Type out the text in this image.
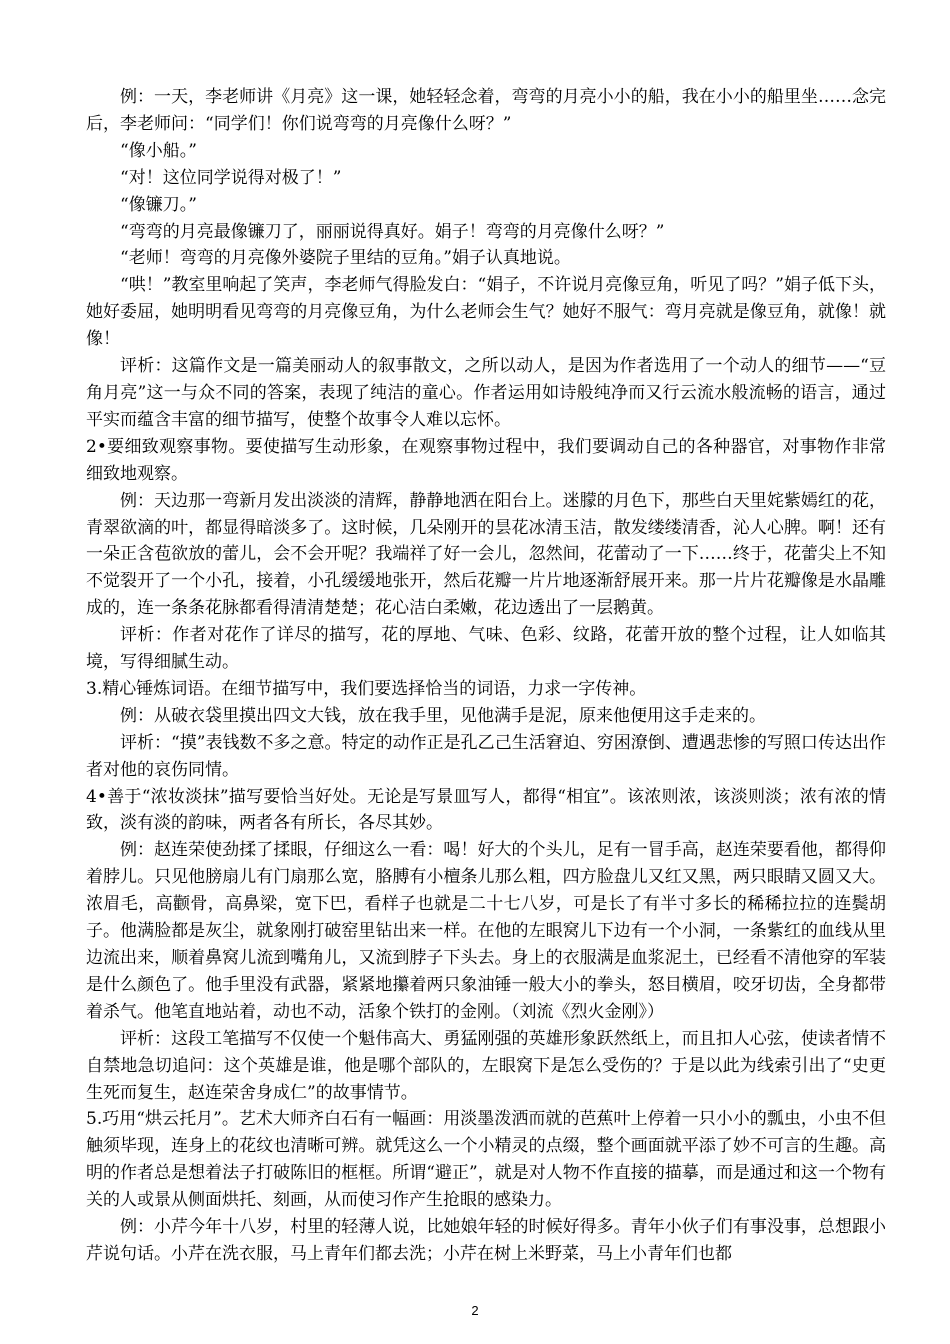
例：一天，李老师讲《月亮》这一课，她轻轻念着，弯弯的月亮小小的船，我在小小的船里坐……念完后，李老师问：“同学们！你们说弯弯的月亮像什么呀？”

“像小船。”

“对！这位同学说得对极了！”

“像镰刀。”

“弯弯的月亮最像镰刀了，丽丽说得真好。娟子！弯弯的月亮像什么呀？”

“老师！弯弯的月亮像外婆院子里结的豆角。”娟子认真地说。

“哄！”教室里响起了笑声，李老师气得脸发白：“娟子，不许说月亮像豆角，听见了吗？”娟子低下头，她好委屈，她明明看见弯弯的月亮像豆角，为什么老师会生气？她好不服气：弯月亮就是像豆角，就像！就像！

评析：这篇作文是一篇美丽动人的叙事散文，之所以动人，是因为作者选用了一个动人的细节——“豆角月亮”这一与众不同的答案，表现了纯洁的童心。作者运用如诗般纯净而又行云流水般流畅的语言，通过平实而蕴含丰富的细节描写，使整个故事令人难以忘怀。

2•要细致观察事物。要使描写生动形象，在观察事物过程中，我们要调动自己的各种器官，对事物作非常细致地观察。

例：天边那一弯新月发出淡淡的清辉，静静地洒在阳台上。迷朦的月色下，那些白天里姹紫嫣红的花，青翠欲滴的叶，都显得暗淡多了。这时候，几朵刚开的昙花冰清玉洁，散发缕缕清香，沁人心脾。啊！还有一朵正含苞欲放的蕾儿，会不会开呢？我端祥了好一会儿，忽然间，花蕾动了一下……终于，花蕾尖上不知不觉裂开了一个小孔，接着，小孔缓缓地张开，然后花瓣一片片地逐渐舒展开来。那一片片花瓣像是水晶雕成的，连一条条花脉都看得清清楚楚；花心洁白柔嫩，花边透出了一层鹅黄。

评析：作者对花作了详尽的描写，花的厚地、气味、色彩、纹路，花蕾开放的整个过程，让人如临其境，写得细腻生动。

3.精心锤炼词语。在细节描写中，我们要选择恰当的词语，力求一字传神。

例：从破衣袋里摸出四文大钱，放在我手里，见他满手是泥，原来他便用这手走来的。

评析：“摸”表钱数不多之意。特定的动作正是孔乙己生活窘迫、穷困潦倒、遭遇悲惨的写照口传达出作者对他的哀伤同情。

4•善于“浓妆淡抹”描写要恰当好处。无论是写景皿写人，都得“相宜”。该浓则浓，该淡则淡；浓有浓的情致，淡有淡的韵味，两者各有所长，各尽其妙。

例：赵连荣使劲揉了揉眼，仔细这么一看：喝！好大的个头儿，足有一冒手高，赵连荣要看他，都得仰着脖儿。只见他膀扇儿有门扇那么宽，胳膊有小檀条儿那么粗，四方脸盘儿又红又黑，两只眼睛又圆又大。浓眉毛，高颧骨，高鼻梁，宽下巴，看样子也就是二十七八岁，可是长了有半寸多长的稀稀拉拉的连鬓胡子。他满脸都是灰尘，就象刚打破窑里钻出来一样。在他的左眼窝儿下边有一个小洞，一条紫红的血线从里边流出来，顺着鼻窝儿流到嘴角儿，又流到脖子下头去。身上的衣服满是血浆泥土，已经看不清他穿的军装是什么颜色了。他手里没有武器，紧紧地攥着两只象油锤一般大小的拳头，怒目横眉，咬牙切齿，全身都带着杀气。他笔直地站着，动也不动，活象个铁打的金刚。（刘流《烈火金刚》）

评析：这段工笔描写不仅使一个魁伟高大、勇猛刚强的英雄形象跃然纸上，而且扣人心弦，使读者情不自禁地急切追问：这个英雄是谁，他是哪个部队的，左眼窝下是怎么受伤的？于是以此为线索引出了“史更生死而复生，赵连荣舍身成仁”的故事情节。

5.巧用“烘云托月”。艺术大师齐白石有一幅画：用淡墨泼洒而就的芭蕉叶上停着一只小小的瓢虫，小虫不但触须毕现，连身上的花纹也清晰可辨。就凭这么一个小精灵的点缀，整个画面就平添了妙不可言的生趣。高明的作者总是想着法子打破陈旧的框框。所谓“避正”，就是对人物不作直接的描摹，而是通过和这一个物有关的人或景从侧面烘托、刻画，从而使习作产生抢眼的感染力。

例：小芹今年十八岁，村里的轻薄人说，比她娘年轻的时候好得多。青年小伙子们有事没事，总想跟小芹说句话。小芹在洗衣服，马上青年们都去洗；小芹在树上米野菜，马上小青年们也都

2
